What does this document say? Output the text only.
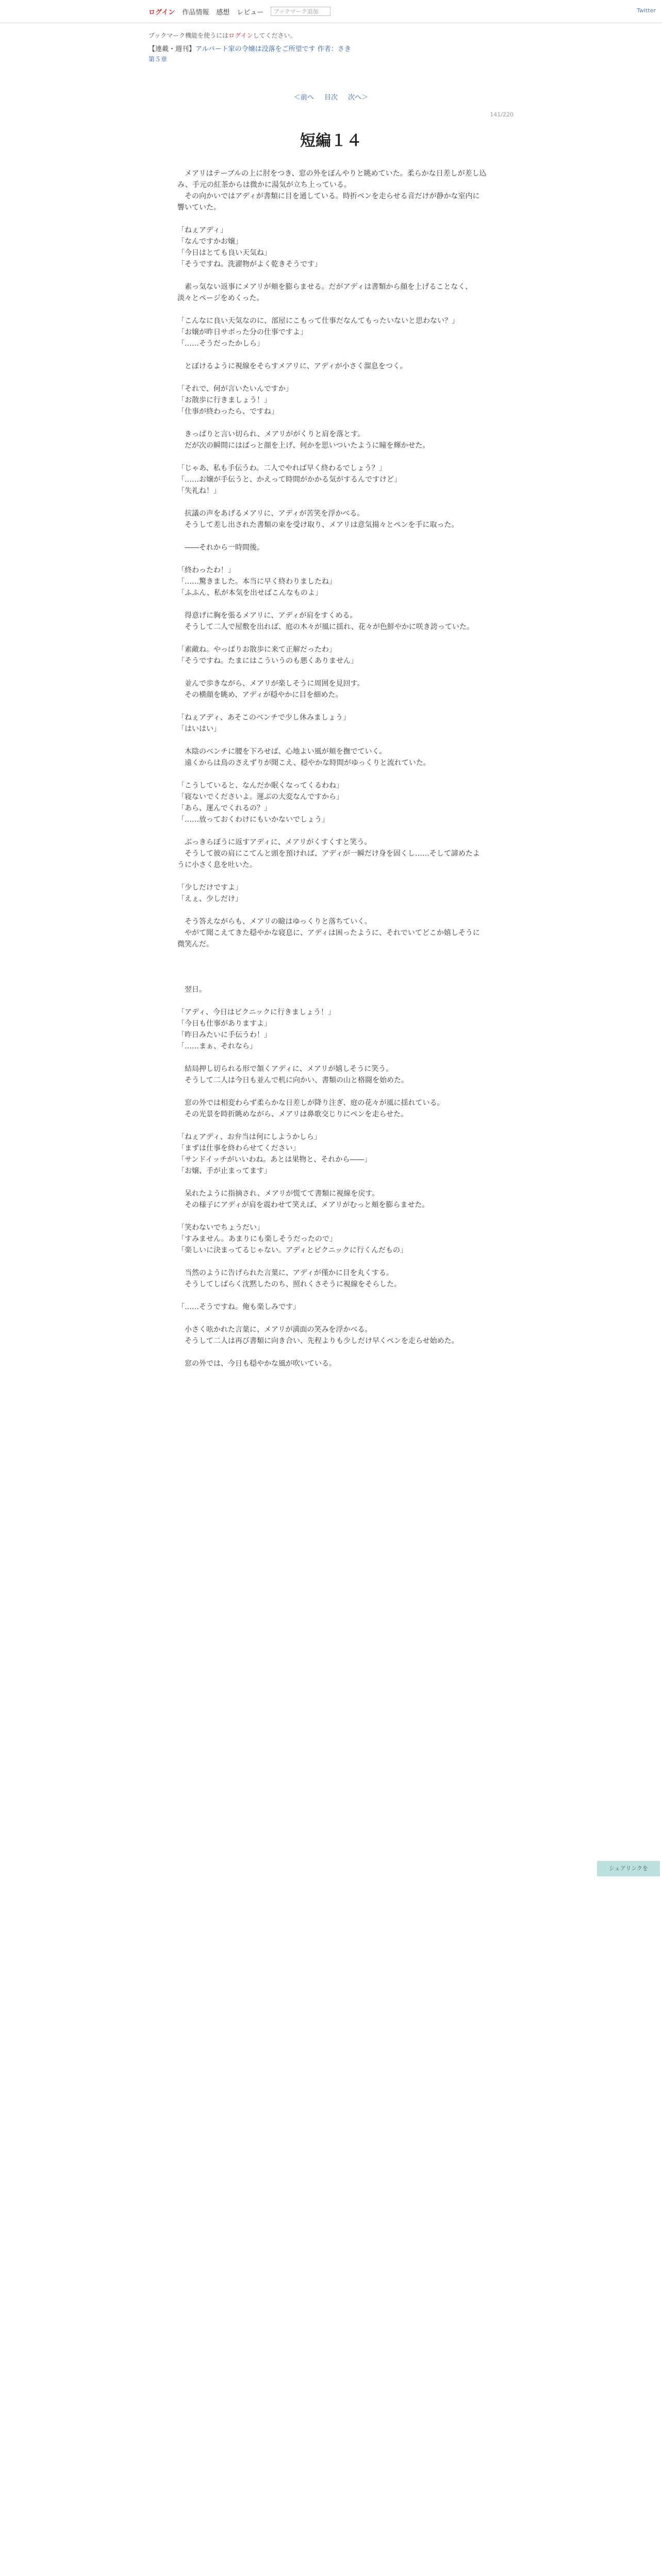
ログイン 作品情報 感想 レビュー	ブックマーク追加	Twitter
ブックマーク機能を使うにはログインしてください。
【連載・週刊】アルバート家の令嬢は没落をご所望です 作者：さき
第５章
＜前へ 目次 次へ＞
141/220
短編１４

　メアリはテーブルの上に肘をつき、窓の外をぼんやりと眺めていた。柔らかな日差しが差し込み、手元の紅茶からは微かに湯気が立ち上っている。

　その向かいではアディが書類に目を通している。時折ペンを走らせる音だけが静かな室内に響いていた。

「ねぇアディ」

「なんですかお嬢」

「今日はとても良い天気ね」

「そうですね。洗濯物がよく乾きそうです」

　素っ気ない返事にメアリが頬を膨らませる。だがアディは書類から顔を上げることなく、淡々とページをめくった。

「こんなに良い天気なのに、部屋にこもって仕事だなんてもったいないと思わない？」

「お嬢が昨日サボった分の仕事ですよ」

「……そうだったかしら」

　とぼけるように視線をそらすメアリに、アディが小さく溜息をつく。

「それで、何が言いたいんですか」

「お散歩に行きましょう！」

「仕事が終わったら、ですね」

　きっぱりと言い切られ、メアリががくりと肩を落とす。

　だが次の瞬間にはぱっと顔を上げ、何かを思いついたように瞳を輝かせた。

「じゃあ、私も手伝うわ。二人でやれば早く終わるでしょう？」

「……お嬢が手伝うと、かえって時間がかかる気がするんですけど」

「失礼ね！」

　抗議の声をあげるメアリに、アディが苦笑を浮かべる。

　そうして差し出された書類の束を受け取り、メアリは意気揚々とペンを手に取った。

　――それから一時間後。

「終わったわ！」

「……驚きました。本当に早く終わりましたね」

「ふふん、私が本気を出せばこんなものよ」

　得意げに胸を張るメアリに、アディが肩をすくめる。

　そうして二人で屋敷を出れば、庭の木々が風に揺れ、花々が色鮮やかに咲き誇っていた。

「素敵ね。やっぱりお散歩に来て正解だったわ」

「そうですね。たまにはこういうのも悪くありません」

　並んで歩きながら、メアリが楽しそうに周囲を見回す。

　その横顔を眺め、アディが穏やかに目を細めた。

「ねぇアディ、あそこのベンチで少し休みましょう」

「はいはい」

　木陰のベンチに腰を下ろせば、心地よい風が頬を撫でていく。

　遠くからは鳥のさえずりが聞こえ、穏やかな時間がゆっくりと流れていた。

「こうしていると、なんだか眠くなってくるわね」

「寝ないでくださいよ。運ぶの大変なんですから」

「あら、運んでくれるの？」

「……放っておくわけにもいかないでしょう」

　ぶっきらぼうに返すアディに、メアリがくすくすと笑う。

　そうして彼の肩にこてんと頭を預ければ、アディが一瞬だけ身を固くし……そして諦めたように小さく息を吐いた。

「少しだけですよ」

「えぇ、少しだけ」

　そう答えながらも、メアリの瞼はゆっくりと落ちていく。

　やがて聞こえてきた穏やかな寝息に、アディは困ったように、それでいてどこか嬉しそうに微笑んだ。

　翌日。

「アディ、今日はピクニックに行きましょう！」

「今日も仕事がありますよ」

「昨日みたいに手伝うわ！」

「……まぁ、それなら」

　結局押し切られる形で頷くアディに、メアリが嬉しそうに笑う。

　そうして二人は今日も並んで机に向かい、書類の山と格闘を始めた。

　窓の外では相変わらず柔らかな日差しが降り注ぎ、庭の花々が風に揺れている。

　その光景を時折眺めながら、メアリは鼻歌交じりにペンを走らせた。

「ねぇアディ、お弁当は何にしようかしら」

「まずは仕事を終わらせてください」

「サンドイッチがいいわね。あとは果物と、それから――」

「お嬢、手が止まってます」

　呆れたように指摘され、メアリが慌てて書類に視線を戻す。

　その様子にアディが肩を震わせて笑えば、メアリがむっと頬を膨らませた。

「笑わないでちょうだい」

「すみません。あまりにも楽しそうだったので」

「楽しいに決まってるじゃない。アディとピクニックに行くんだもの」

　当然のように告げられた言葉に、アディが僅かに目を丸くする。

　そうしてしばらく沈黙したのち、照れくさそうに視線をそらした。

「……そうですね。俺も楽しみです」

　小さく呟かれた言葉に、メアリが満面の笑みを浮かべる。

　そうして二人は再び書類に向き合い、先程よりも少しだけ早くペンを走らせ始めた。

　窓の外では、今日も穏やかな風が吹いている。

シェアリンクを
